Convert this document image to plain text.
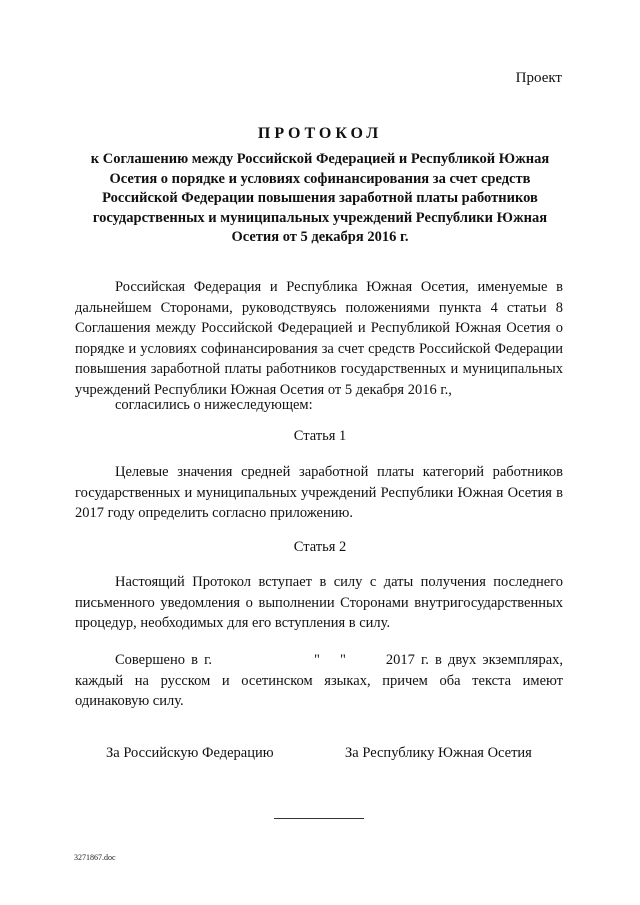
Проект
ПРОТОКОЛ
к Соглашению между Российской Федерацией и Республикой Южная Осетия о порядке и условиях софинансирования за счет средств Российской Федерации повышения заработной платы работников государственных и муниципальных учреждений Республики Южная Осетия от 5 декабря 2016 г.
Российская Федерация и Республика Южная Осетия, именуемые в дальнейшем Сторонами, руководствуясь положениями пункта 4 статьи 8 Соглашения между Российской Федерацией и Республикой Южная Осетия о порядке и условиях софинансирования за счет средств Российской Федерации повышения заработной платы работников государственных и муниципальных учреждений Республики Южная Осетия от 5 декабря 2016 г.,
согласились о нижеследующем:
Статья 1
Целевые значения средней заработной платы категорий работников государственных и муниципальных учреждений Республики Южная Осетия в 2017 году определить согласно приложению.
Статья 2
Настоящий Протокол вступает в силу с даты получения последнего письменного уведомления о выполнении Сторонами внутригосударственных процедур, необходимых для его вступления в силу.
Совершено в г.	" "	2017 г. в двух экземплярах, каждый на русском и осетинском языках, причем оба текста имеют одинаковую силу.
За Российскую Федерацию	За Республику Южная Осетия
3271867.doc
